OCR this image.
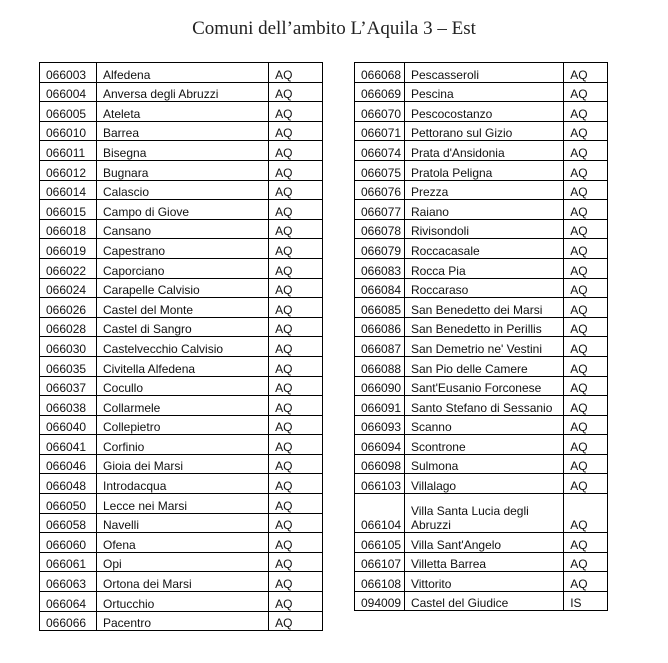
Comuni dell’ambito L’Aquila 3 – Est
066003	Alfedena	AQ
066004	Anversa degli Abruzzi	AQ
066005	Ateleta	AQ
066010	Barrea	AQ
066011	Bisegna	AQ
066012	Bugnara	AQ
066014	Calascio	AQ
066015	Campo di Giove	AQ
066018	Cansano	AQ
066019	Capestrano	AQ
066022	Caporciano	AQ
066024	Carapelle Calvisio	AQ
066026	Castel del Monte	AQ
066028	Castel di Sangro	AQ
066030	Castelvecchio Calvisio	AQ
066035	Civitella Alfedena	AQ
066037	Cocullo	AQ
066038	Collarmele	AQ
066040	Collepietro	AQ
066041	Corfinio	AQ
066046	Gioia dei Marsi	AQ
066048	Introdacqua	AQ
066050	Lecce nei Marsi	AQ
066058	Navelli	AQ
066060	Ofena	AQ
066061	Opi	AQ
066063	Ortona dei Marsi	AQ
066064	Ortucchio	AQ
066066	Pacentro	AQ
066068	Pescasseroli	AQ
066069	Pescina	AQ
066070	Pescocostanzo	AQ
066071	Pettorano sul Gizio	AQ
066074	Prata d'Ansidonia	AQ
066075	Pratola Peligna	AQ
066076	Prezza	AQ
066077	Raiano	AQ
066078	Rivisondoli	AQ
066079	Roccacasale	AQ
066083	Rocca Pia	AQ
066084	Roccaraso	AQ
066085	San Benedetto dei Marsi	AQ
066086	San Benedetto in Perillis	AQ
066087	San Demetrio ne' Vestini	AQ
066088	San Pio delle Camere	AQ
066090	Sant'Eusanio Forconese	AQ
066091	Santo Stefano di Sessanio	AQ
066093	Scanno	AQ
066094	Scontrone	AQ
066098	Sulmona	AQ
066103	Villalago	AQ
066104	Villa Santa Lucia degli Abruzzi	AQ
066105	Villa Sant'Angelo	AQ
066107	Villetta Barrea	AQ
066108	Vittorito	AQ
094009	Castel del Giudice	IS
